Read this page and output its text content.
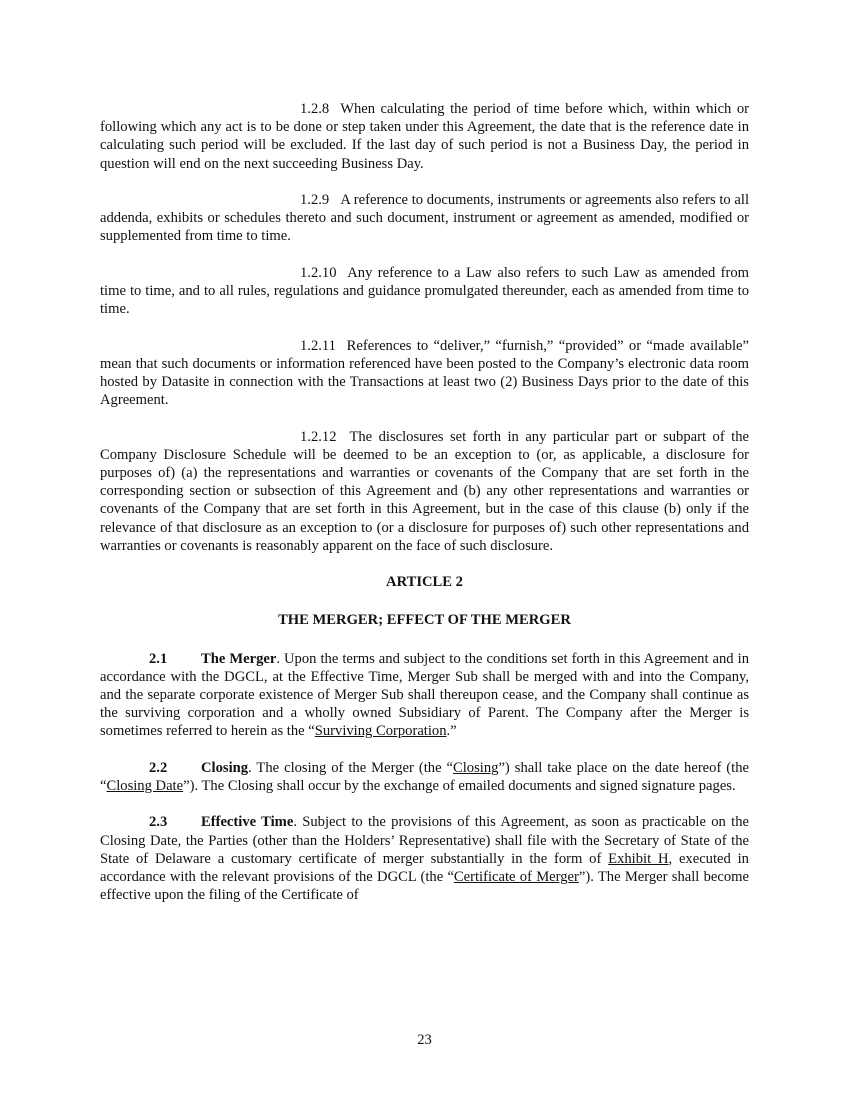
1.2.8 When calculating the period of time before which, within which or following which any act is to be done or step taken under this Agreement, the date that is the reference date in calculating such period will be excluded. If the last day of such period is not a Business Day, the period in question will end on the next succeeding Business Day.

1.2.9 A reference to documents, instruments or agreements also refers to all addenda, exhibits or schedules thereto and such document, instrument or agreement as amended, modified or supplemented from time to time.

1.2.10 Any reference to a Law also refers to such Law as amended from time to time, and to all rules, regulations and guidance promulgated thereunder, each as amended from time to time.

1.2.11 References to “deliver,” “furnish,” “provided” or “made available” mean that such documents or information referenced have been posted to the Company’s electronic data room hosted by Datasite in connection with the Transactions at least two (2) Business Days prior to the date of this Agreement.

1.2.12 The disclosures set forth in any particular part or subpart of the Company Disclosure Schedule will be deemed to be an exception to (or, as applicable, a disclosure for purposes of) (a) the representations and warranties or covenants of the Company that are set forth in the corresponding section or subsection of this Agreement and (b) any other representations and warranties or covenants of the Company that are set forth in this Agreement, but in the case of this clause (b) only if the relevance of that disclosure as an exception to (or a disclosure for purposes of) such other representations and warranties or covenants is reasonably apparent on the face of such disclosure.

ARTICLE 2
THE MERGER; EFFECT OF THE MERGER

2.1 The Merger. Upon the terms and subject to the conditions set forth in this Agreement and in accordance with the DGCL, at the Effective Time, Merger Sub shall be merged with and into the Company, and the separate corporate existence of Merger Sub shall thereupon cease, and the Company shall continue as the surviving corporation and a wholly owned Subsidiary of Parent. The Company after the Merger is sometimes referred to herein as the “Surviving Corporation.”

2.2 Closing. The closing of the Merger (the “Closing”) shall take place on the date hereof (the “Closing Date”). The Closing shall occur by the exchange of emailed documents and signed signature pages.

2.3 Effective Time. Subject to the provisions of this Agreement, as soon as practicable on the Closing Date, the Parties (other than the Holders’ Representative) shall file with the Secretary of State of the State of Delaware a customary certificate of merger substantially in the form of Exhibit H, executed in accordance with the relevant provisions of the DGCL (the “Certificate of Merger”). The Merger shall become effective upon the filing of the Certificate of

23
